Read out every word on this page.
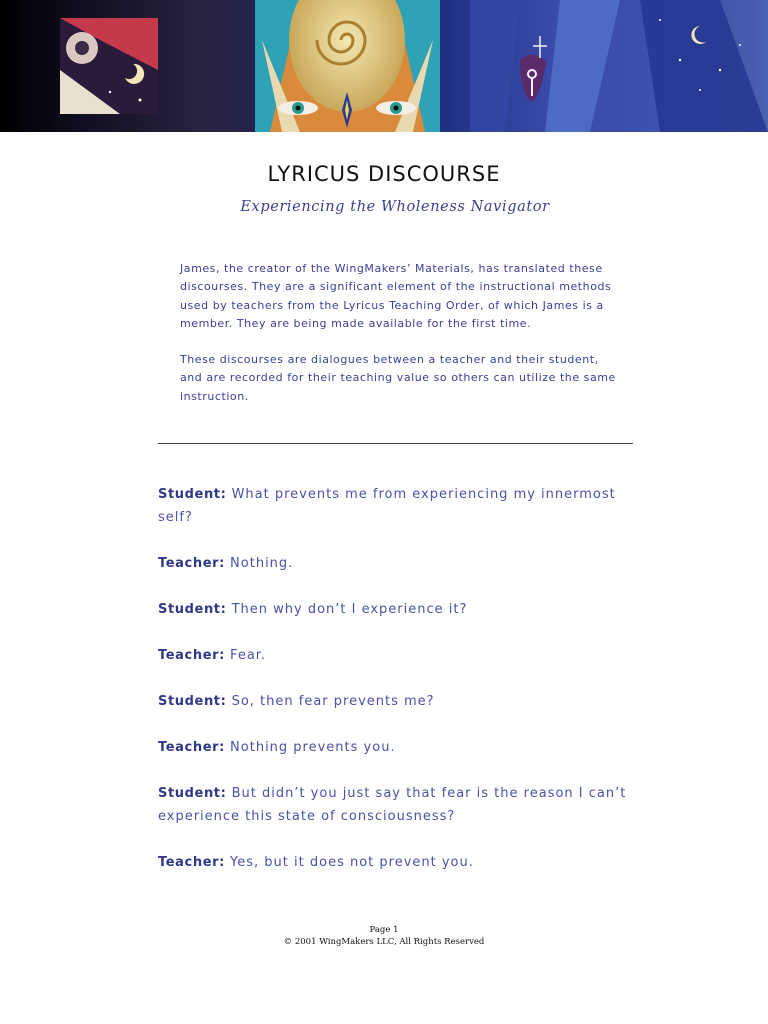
LYRICUS DISCOURSE
Experiencing the Wholeness Navigator

James, the creator of the WingMakers’ Materials, has translated these discourses. They are a significant element of the instructional methods used by teachers from the Lyricus Teaching Order, of which James is a member. They are being made available for the first time.

These discourses are dialogues between a teacher and their student, and are recorded for their teaching value so others can utilize the same instruction.

Student: What prevents me from experiencing my innermost self?

Teacher: Nothing.

Student: Then why don’t I experience it?

Teacher: Fear.

Student: So, then fear prevents me?

Teacher: Nothing prevents you.

Student: But didn’t you just say that fear is the reason I can’t experience this state of consciousness?

Teacher: Yes, but it does not prevent you.

Page 1
© 2001 WingMakers LLC, All Rights Reserved
